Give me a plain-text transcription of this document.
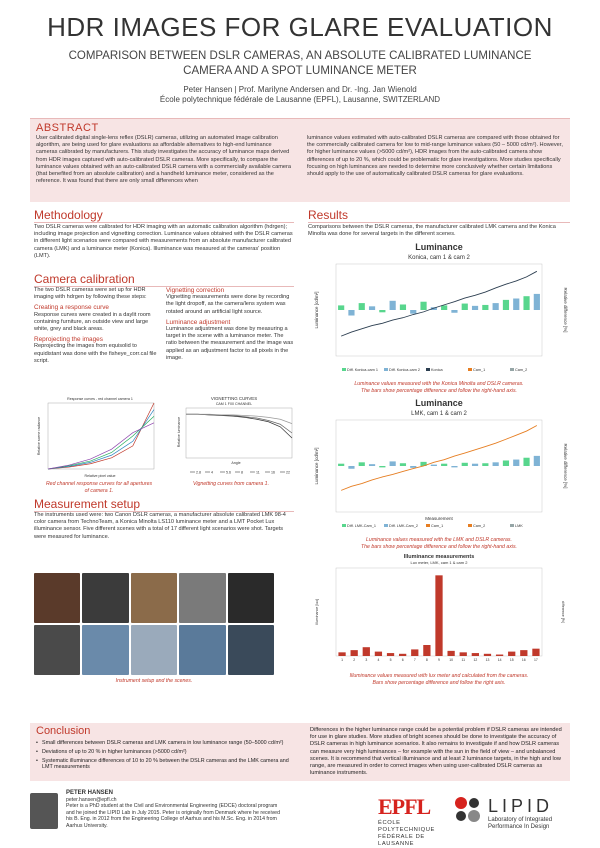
HDR IMAGES FOR GLARE EVALUATION
COMPARISON BETWEEN DSLR CAMERAS, AN ABSOLUTE CALIBRATED LUMINANCE
CAMERA AND A SPOT LUMINANCE METER
Peter Hansen | Prof. Marilyne Andersen and Dr. -Ing. Jan Wienold
École polytechnique fédérale de Lausanne (EPFL), Lausanne, SWITZERLAND
ABSTRACT

User calibrated digital single-lens reflex (DSLR) cameras, utilizing an automated image calibration algorithm, are being used for glare evaluations as affordable alternatives to high-end luminance cameras calibrated by manufacturers. This study investigates the accuracy of luminance maps derived from HDR images captured with auto-calibrated DSLR cameras. More specifically, to compare the luminance values obtained with an auto-calibrated DSLR camera with a commercially available camera (that benefited from an absolute calibration) and a handheld luminance meter, considered as the reference. It was found that there are only small differences when

luminance values estimated with auto-calibrated DSLR cameras are compared with those obtained for the commercially calibrated camera for low to mid-range luminance values (50 – 5000 cd/m²). However, for higher luminance values (>5000 cd/m²), HDR images from the auto-calibrated camera show differences of up to 20 %, which could be problematic for glare investigations. More studies specifically focusing on high luminances are needed to determine more conclusively whether certain limitations should apply to the use of automatically calibrated DSLR cameras for glare evaluations.

Methodology

Two DSLR cameras were calibrated for HDR imaging with an automatic calibration algorithm (hdrgen); including image projection and vignetting correction. Luminance values obtained with the DSLR cameras in different light scenarios were compared with measurements from an absolute manufacturer calibrated camera (LMK) and a luminance meter (Konica). Illuminance was measured at the cameras' position (LMT).

Camera calibration

The two DSLR cameras were set up for HDR imaging with hdrgen by following these steps:

Creating a response curve

Response curves were created in a daylit room containing furniture, an outside view and large white, grey and black areas.

Reprojecting the images

Reprojecting the images from equisolid to equidistant was done with the fisheye_corr.cal file script.

Vignetting correction

Vignetting measurements were done by recording the light dropoff, as the camera/lens system was rotated around an artificial light source.

Luminance adjustment

Luminance adjustment was done by measuring a target in the scene with a luminance meter. The ratio between the measurement and the image was applied as an adjustment factor to all pixels in the image.

Response curves - red channel camera 1
Relative pixel value
Relative scene radiance
Red channel response curves for all apertures
of camera 1.
VIGNETTING CURVES
CAM 1 F00 CHANNEL
Angle
Relative luminance
2.8	4	5.6	8	11	16	22
Vignetting curves from camera 1.
Measurement setup

The instruments used were: two Canon DSLR cameras, a manufacturer absolute calibrated LMK 98-4 color camera from TechnoTeam, a Konica Minolta LS110 luminance meter and a LMT Pocket Lux illuminance sensor. Five different scenes with a total of 17 different light scenarios were shot. Targets were measured for luminance.

Instrument setup and the scenes.
Results

Comparisons between the DSLR cameras, the manufacturer calibrated LMK camera and the Konica Minolta was done for several targets in the different scenes.

Luminance
Konica, cam 1 & cam 2
Luminance [cd/m²]	Relative difference [%]
Diff. Konica-cam 1	Diff. Konica-cam 2	Konica	Cam_1	Cam_2
Luminance values measured with the Konica Minolta and DSLR cameras.
The bars show percentage difference and follow the right-hand axis.
Luminance
LMK, cam 1 & cam 2
Luminance [cd/m²]	Relative difference [%]
Measurement
Diff. LMK-Cam_1	Diff. LMK-Cam_2	Cam_1	Cam_2	LMK
Luminance values measured with the LMK and DSLR cameras.
The bars show percentage difference and follow the right-hand axis.
Illuminance measurements
Lux meter, LMK, cam 1 & cam 2
Illuminance [lux]	difference [%]
1	2	3	4	5	6	7	8	9	10 11 12 13 14 15 16 17
Illuminance values measured with lux meter and calculated from the cameras.
Bars show percentage difference and follow the right axis.
Conclusion
• Small differences between DSLR cameras and LMK camera in low luminance range (50–5000 cd/m²)
• Deviations of up to 20 % in higher luminances (>5000 cd/m²)
• Systematic illuminance differences of 10 to 20 % between the DSLR cameras and the LMK camera and LMT measurements

Differences in the higher luminance range could be a potential problem if DSLR cameras are intended for use in glare studies. More studies of bright scenes should be done to investigate the accuracy of DSLR cameras in high luminance scenarios. It also remains to investigate if and how DSLR cameras can measure very high luminances – for example with the sun in the field of view – and unbalanced scenes. It is recommend that vertical illuminance and at least 2 luminance targets, in the high and low range, are measured in order to correct images when using user-calibrated DSLR cameras as luminance instruments.

PETER HANSEN
peter.hansen@epfl.ch
Peter is a PhD student at the Civil and Environmental Engineering (EDCE) doctoral program and he joined the LIPID Lab in July 2015. Peter is originally from Denmark where he received his B. Eng. in 2012 from the Engineering College of Aarhus and his M.Sc. Eng. in 2014 from Aarhus University.
EPFL
ÉCOLE POLYTECHNIQUE
FÉDÉRALE DE LAUSANNE
LIPID
Laboratory of Integrated
Performance In Design
